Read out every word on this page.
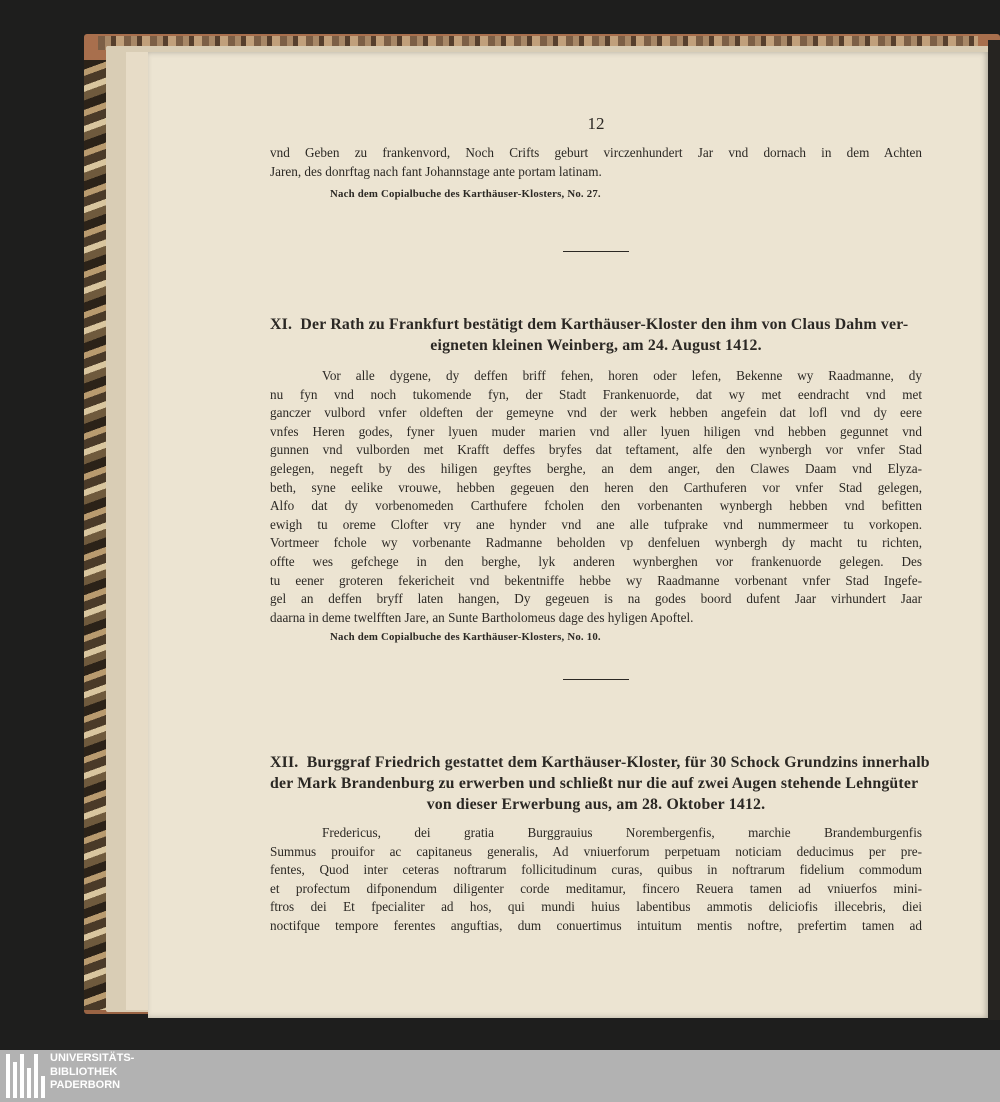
12

vnd Geben zu frankenvord, Noch Crifts geburt virczenhundert Jar vnd dornach in dem Achten

Jaren, des donrftag nach fant Johannstage ante portam latinam.

Nach dem Copialbuche des Karthäuser-Klosters, No. 27.

XI. Der Rath zu Frankfurt bestätigt dem Karthäuser-Kloster den ihm von Claus Dahm ver-

eigneten kleinen Weinberg, am 24. August 1412.

Vor alle dygene, dy deffen briff fehen, horen oder lefen, Bekenne wy Raadmanne, dy

nu fyn vnd noch tukomende fyn, der Stadt Frankenuorde, dat wy met eendracht vnd met

ganczer vulbord vnfer oldeften der gemeyne vnd der werk hebben angefein dat lofl vnd dy eere

vnfes Heren godes, fyner lyuen muder marien vnd aller lyuen hiligen vnd hebben gegunnet vnd

gunnen vnd vulborden met Krafft deffes bryfes dat teftament, alfe den wynbergh vor vnfer Stad

gelegen, negeft by des hiligen geyftes berghe, an dem anger, den Clawes Daam vnd Elyza-

beth, syne eelike vrouwe, hebben gegeuen den heren den Carthuferen vor vnfer Stad gelegen,

Alfo dat dy vorbenomeden Carthufere fcholen den vorbenanten wynbergh hebben vnd befitten

ewigh tu oreme Clofter vry ane hynder vnd ane alle tufprake vnd nummermeer tu vorkopen.

Vortmeer fchole wy vorbenante Radmanne beholden vp denfeluen wynbergh dy macht tu richten,

offte wes gefchege in den berghe, lyk anderen wynberghen vor frankenuorde gelegen. Des

tu eener groteren fekericheit vnd bekentniffe hebbe wy Raadmanne vorbenant vnfer Stad Ingefe-

gel an deffen bryff laten hangen, Dy gegeuen is na godes boord dufent Jaar virhundert Jaar

daarna in deme twelfften Jare, an Sunte Bartholomeus dage des hyligen Apoftel.

Nach dem Copialbuche des Karthäuser-Klosters, No. 10.

XII. Burggraf Friedrich gestattet dem Karthäuser-Kloster, für 30 Schock Grundzins innerhalb

der Mark Brandenburg zu erwerben und schließt nur die auf zwei Augen stehende Lehngüter

von dieser Erwerbung aus, am 28. Oktober 1412.

Fredericus, dei gratia Burggrauius Norembergenfis, marchie Brandemburgenfis

Summus prouifor ac capitaneus generalis, Ad vniuerforum perpetuam noticiam deducimus per pre-

fentes, Quod inter ceteras noftrarum follicitudinum curas, quibus in noftrarum fidelium commodum

et profectum difponendum diligenter corde meditamur, fincero Reuera tamen ad vniuerfos mini-

ftros dei Et fpecialiter ad hos, qui mundi huius labentibus ammotis deliciofis illecebris, diei

noctifque tempore ferentes anguftias, dum conuertimus intuitum mentis noftre, prefertim tamen ad

UNIVERSITÄTS-
BIBLIOTHEK
PADERBORN
